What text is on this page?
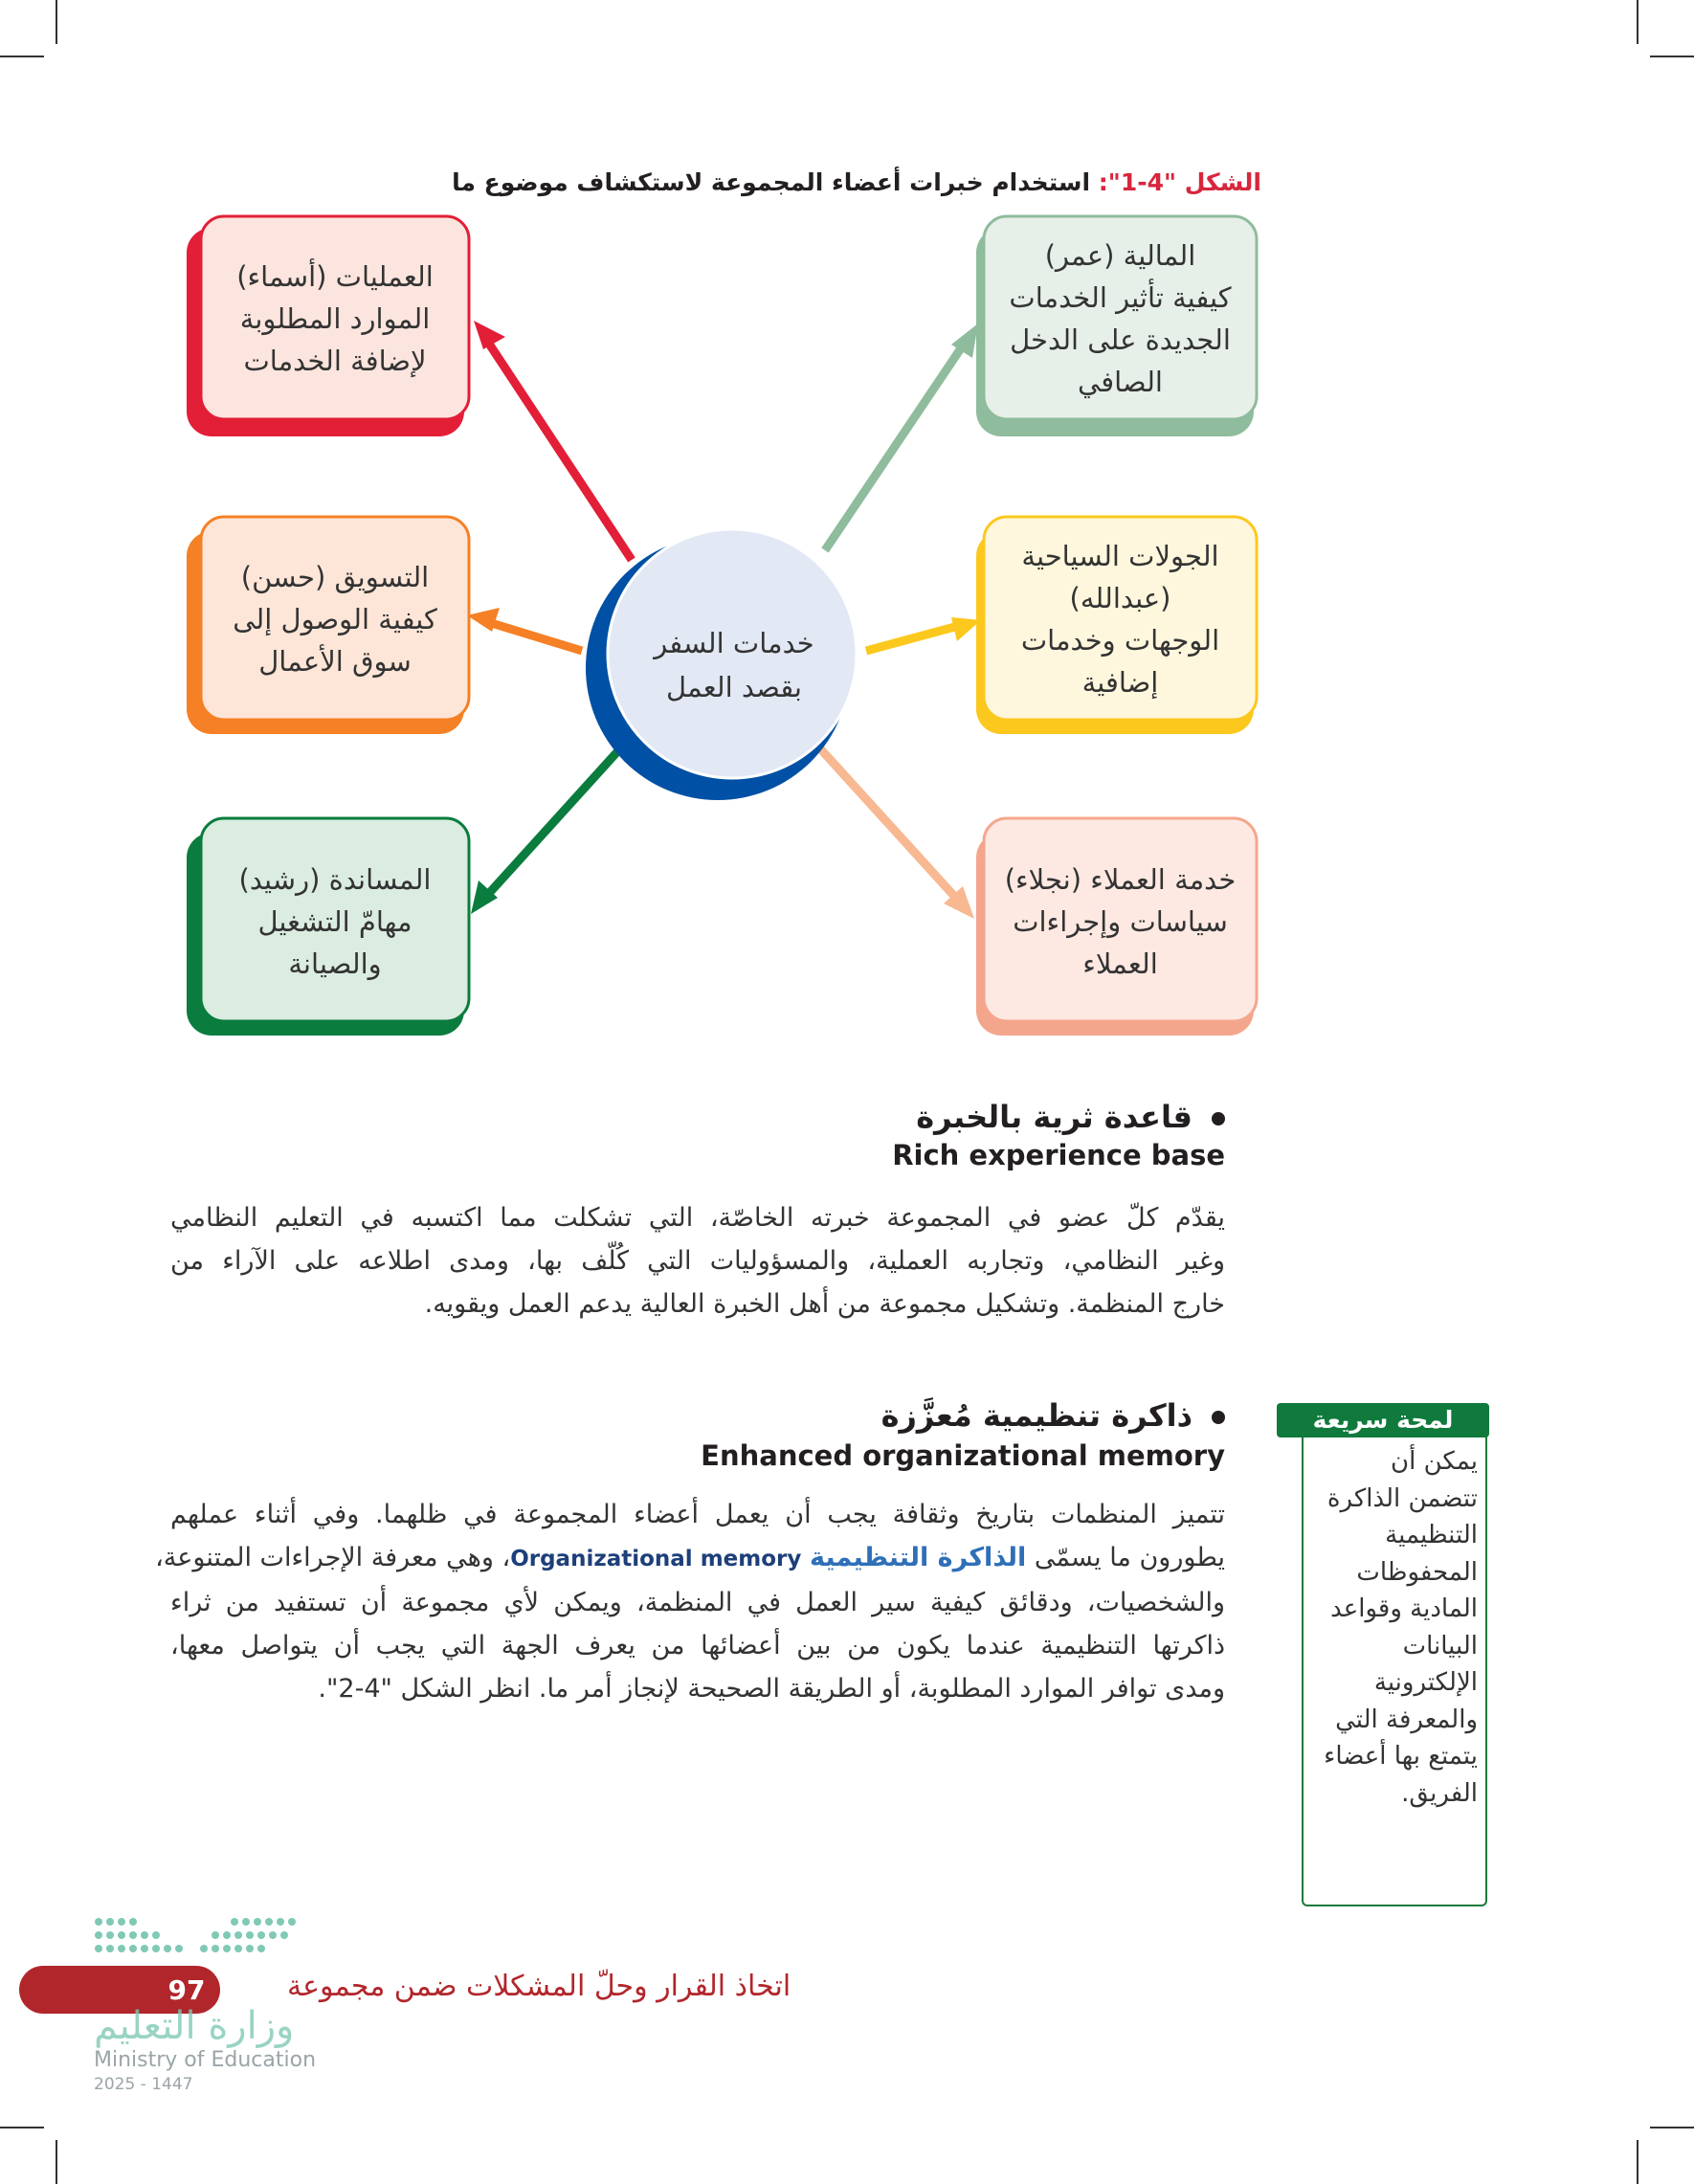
الشكل "4-1": استخدام خبرات أعضاء المجموعة لاستكشاف موضوع ما
خدمات السفر
بقصد العمل
العمليات (أسماء)
الموارد المطلوبة
لإضافة الخدمات
المالية (عمر)
كيفية تأثير الخدمات
الجديدة على الدخل
الصافي
التسويق (حسن)
كيفية الوصول إلى
سوق الأعمال
الجولات السياحية
(عبدالله)
الوجهات وخدمات
إضافية
المساندة (رشيد)
مهامّ التشغيل
والصيانة
خدمة العملاء (نجلاء)
سياسات وإجراءات
العملاء
قاعدة ثرية بالخبرة
Rich experience base

يقدّم كلّ عضو في المجموعة خبرته الخاصّة، التي تشكلت مما اكتسبه في التعليم النظامي

وغير النظامي، وتجاربه العملية، والمسؤوليات التي كُلّف بها، ومدى اطلاعه على الآراء من

خارج المنظمة. وتشكيل مجموعة من أهل الخبرة العالية يدعم العمل ويقويه.

ذاكرة تنظيمية مُعزَّزة
Enhanced organizational memory

تتميز المنظمات بتاريخ وثقافة يجب أن يعمل أعضاء المجموعة في ظلهما. وفي أثناء عملهم

يطورون ما يسمّى الذاكرة التنظيمية Organizational memory، وهي معرفة الإجراءات المتنوعة،

والشخصيات، ودقائق كيفية سير العمل في المنظمة، ويمكن لأي مجموعة أن تستفيد من ثراء

ذاكرتها التنظيمية عندما يكون من بين أعضائها من يعرف الجهة التي يجب أن يتواصل معها،

ومدى توافر الموارد المطلوبة، أو الطريقة الصحيحة لإنجاز أمر ما. انظر الشكل "4-2".

يمكن أن
تتضمن الذاكرة
التنظيمية
المحفوظات
المادية وقواعد
البيانات
الإلكترونية
والمعرفة التي
يتمتع بها أعضاء
الفريق.
لمحة سريعة
97	اتخاذ القرار وحلّ المشكلات ضمن مجموعة
وزارة التعليم
Ministry of Education
2025 - 1447
